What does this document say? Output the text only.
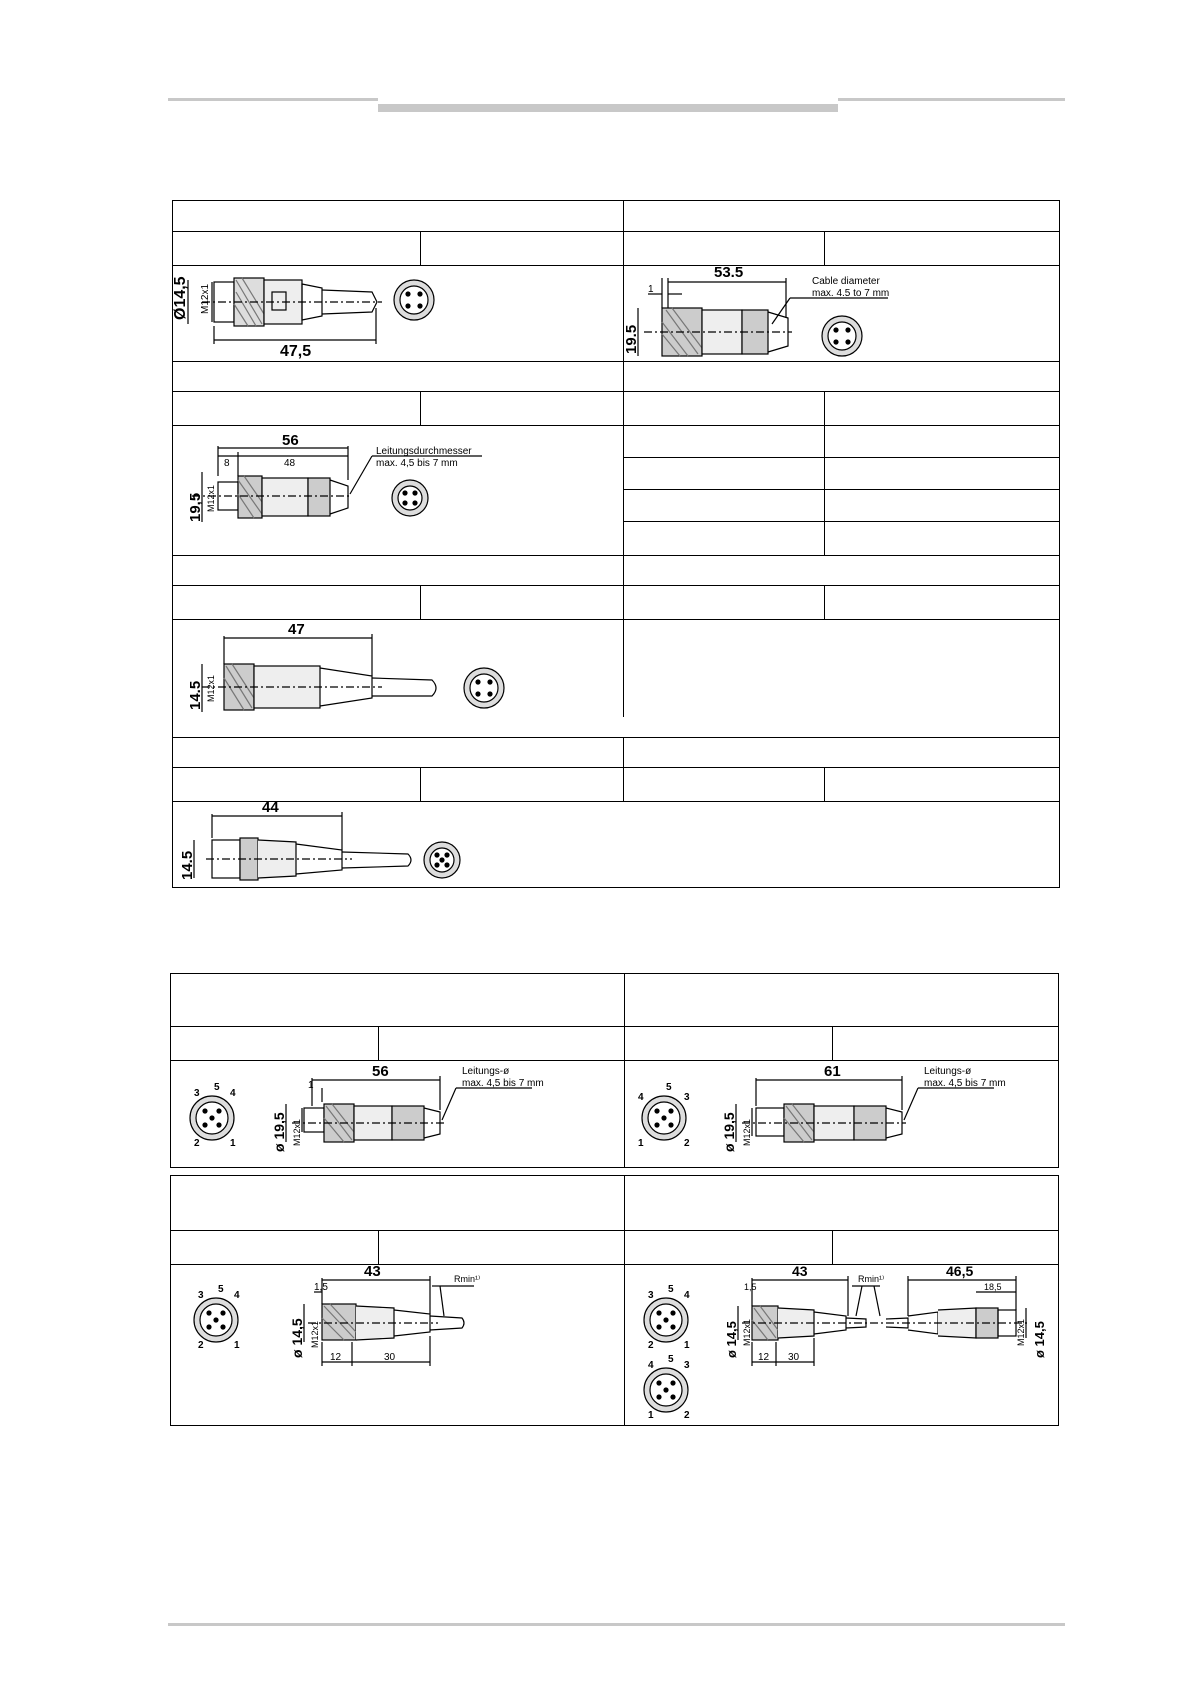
Ø14,5 M12x1
47,5
53.5
1
19.5
Cable diameter
max. 4.5 to 7 mm
56
8	48
19,5 M12x1
Leitungsdurchmesser
max. 4,5 bis 7 mm
47
14.5 M12x1
44
14.5
3
5
4
2	1
56
1
ø 19,5 M12x1
Leitungs-ø
max. 4,5 bis 7 mm
4
5
3
1	2
61
ø 19,5 M12x1
Leitungs-ø
max. 4,5 bis 7 mm
3
5
4
2	1
43
1,5
12	30
ø 14,5 M12x1
Rmin¹⁾
3
5
4
2	1
4
5
3
1	2
43	46,5
1,5	18,5
12 30
ø 14,5	ø 14,5
M12x1	M12x1
Rmin¹⁾
